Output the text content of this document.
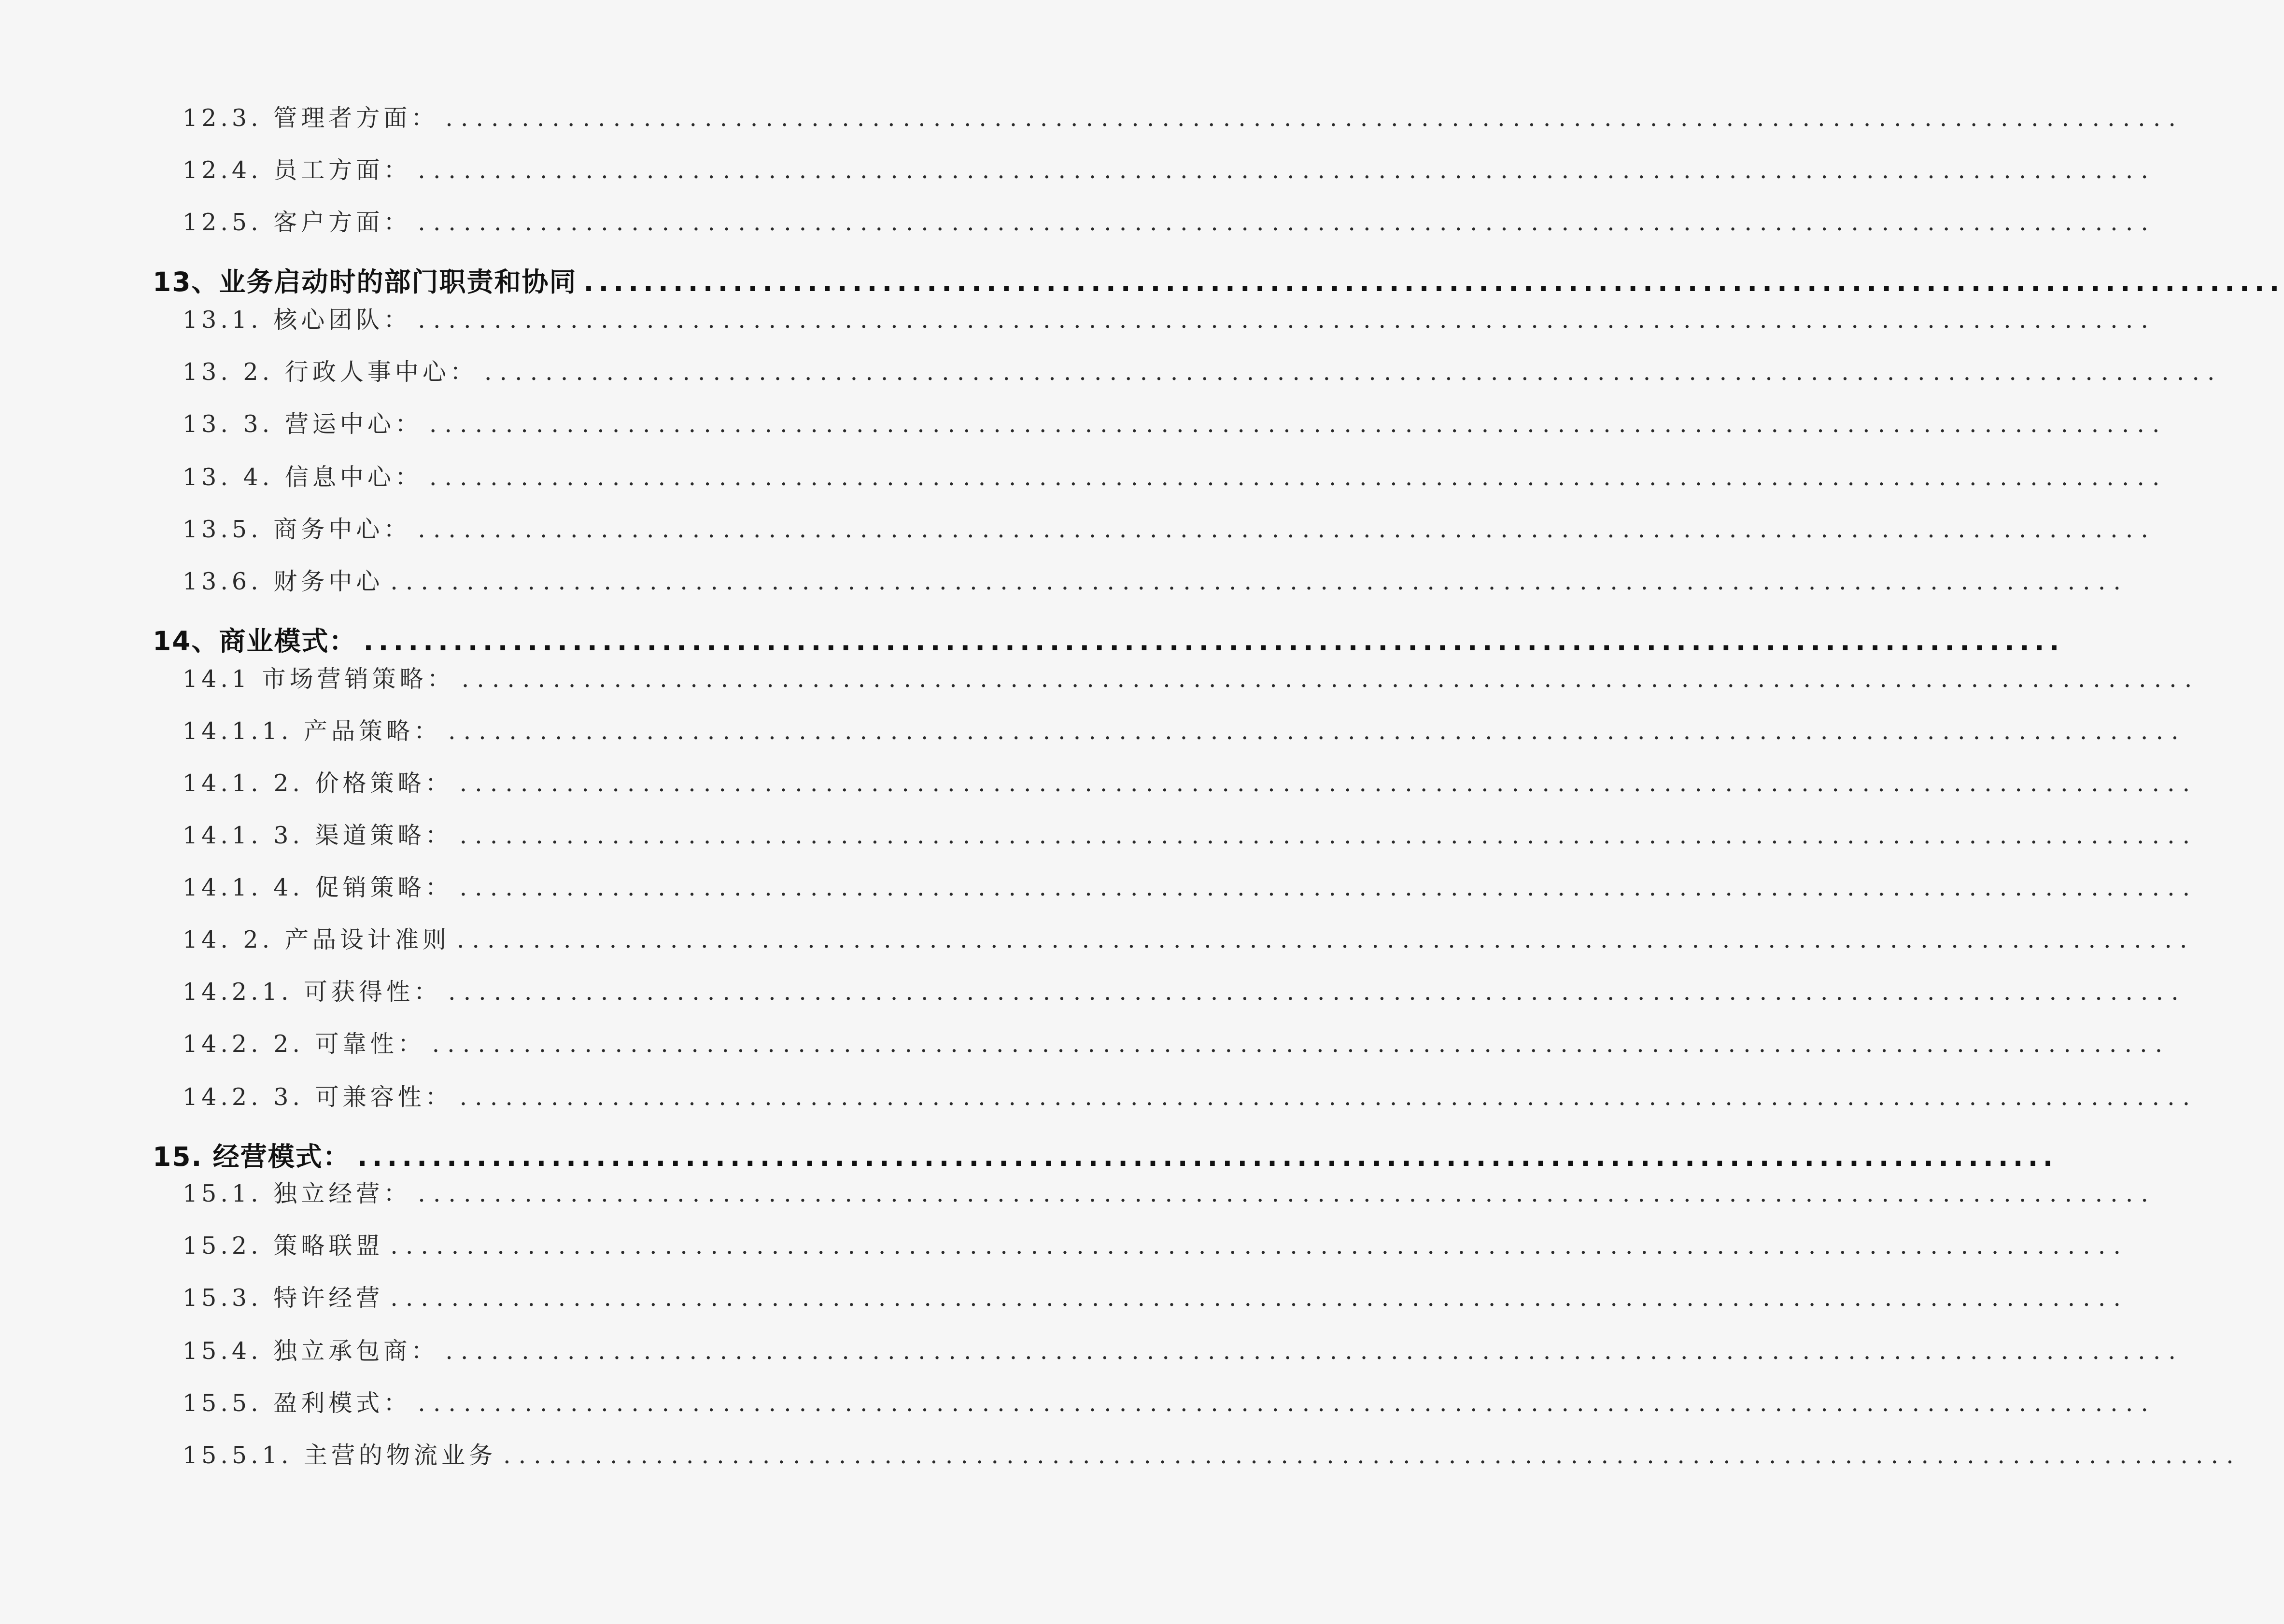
12.3. 管理者方面： ..................................................................................................................
12.4. 员工方面： ..................................................................................................................
12.5. 客户方面： ..................................................................................................................
13、业务启动时的部门职责和协同 ..................................................................................................................
13.1. 核心团队： ..................................................................................................................
13. 2. 行政人事中心： ..................................................................................................................
13. 3. 营运中心： ..................................................................................................................
13. 4. 信息中心： ..................................................................................................................
13.5. 商务中心： ..................................................................................................................
13.6. 财务中心 ..................................................................................................................
14、商业模式： ..................................................................................................................
14.1 市场营销策略： ..................................................................................................................
14.1.1. 产品策略： ..................................................................................................................
14.1. 2. 价格策略： ..................................................................................................................
14.1. 3. 渠道策略： ..................................................................................................................
14.1. 4. 促销策略： ..................................................................................................................
14. 2. 产品设计准则 ..................................................................................................................
14.2.1. 可获得性： ..................................................................................................................
14.2. 2. 可靠性： ..................................................................................................................
14.2. 3. 可兼容性： ..................................................................................................................
15. 经营模式： ..................................................................................................................
15.1. 独立经营： ..................................................................................................................
15.2. 策略联盟 ..................................................................................................................
15.3. 特许经营 ..................................................................................................................
15.4. 独立承包商： ..................................................................................................................
15.5. 盈利模式： ..................................................................................................................
15.5.1. 主营的物流业务 ..................................................................................................................
